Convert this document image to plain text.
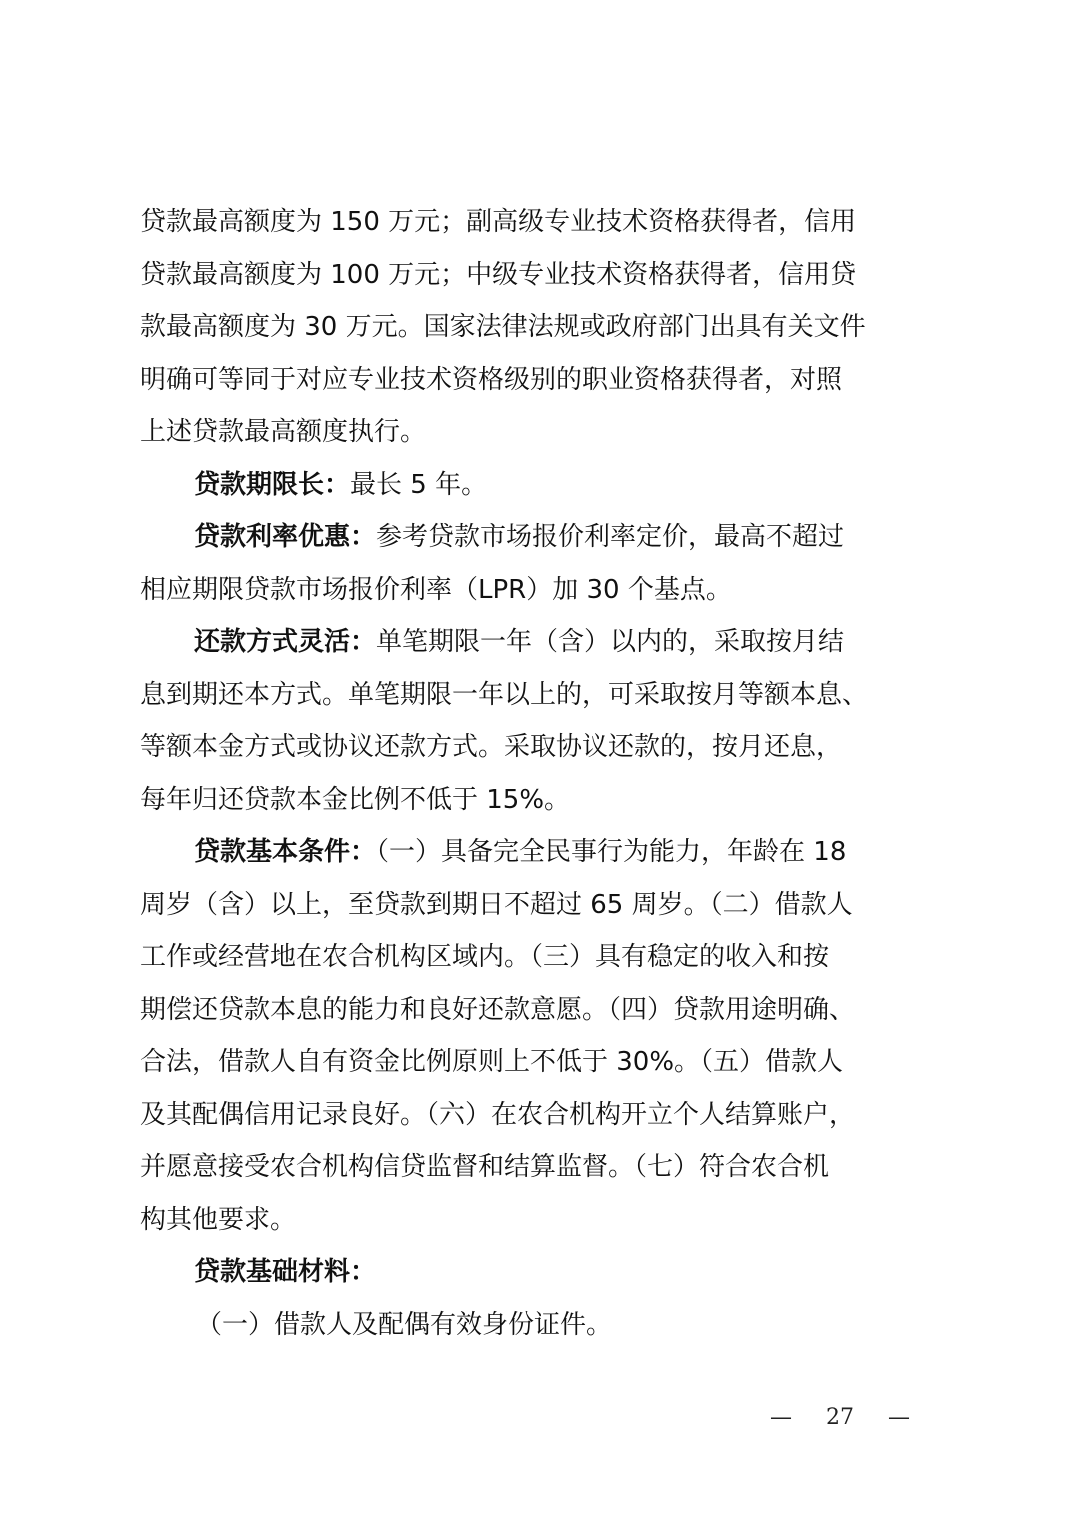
贷款最高额度为 150 万元；副高级专业技术资格获得者，信用
贷款最高额度为 100 万元；中级专业技术资格获得者，信用贷
款最高额度为 30 万元。国家法律法规或政府部门出具有关文件
明确可等同于对应专业技术资格级别的职业资格获得者，对照
上述贷款最高额度执行。
贷款期限长：最长 5 年。
贷款利率优惠：参考贷款市场报价利率定价，最高不超过
相应期限贷款市场报价利率（LPR）加 30 个基点。
还款方式灵活：单笔期限一年（含）以内的，采取按月结
息到期还本方式。单笔期限一年以上的，可采取按月等额本息、
等额本金方式或协议还款方式。采取协议还款的，按月还息，
每年归还贷款本金比例不低于 15%。
贷款基本条件：（一）具备完全民事行为能力，年龄在 18
周岁（含）以上，至贷款到期日不超过 65 周岁。（二）借款人
工作或经营地在农合机构区域内。（三）具有稳定的收入和按
期偿还贷款本息的能力和良好还款意愿。（四）贷款用途明确、
合法，借款人自有资金比例原则上不低于 30%。（五）借款人
及其配偶信用记录良好。（六）在农合机构开立个人结算账户，
并愿意接受农合机构信贷监督和结算监督。（七）符合农合机
构其他要求。
贷款基础材料：
（一）借款人及配偶有效身份证件。
— 27 —
